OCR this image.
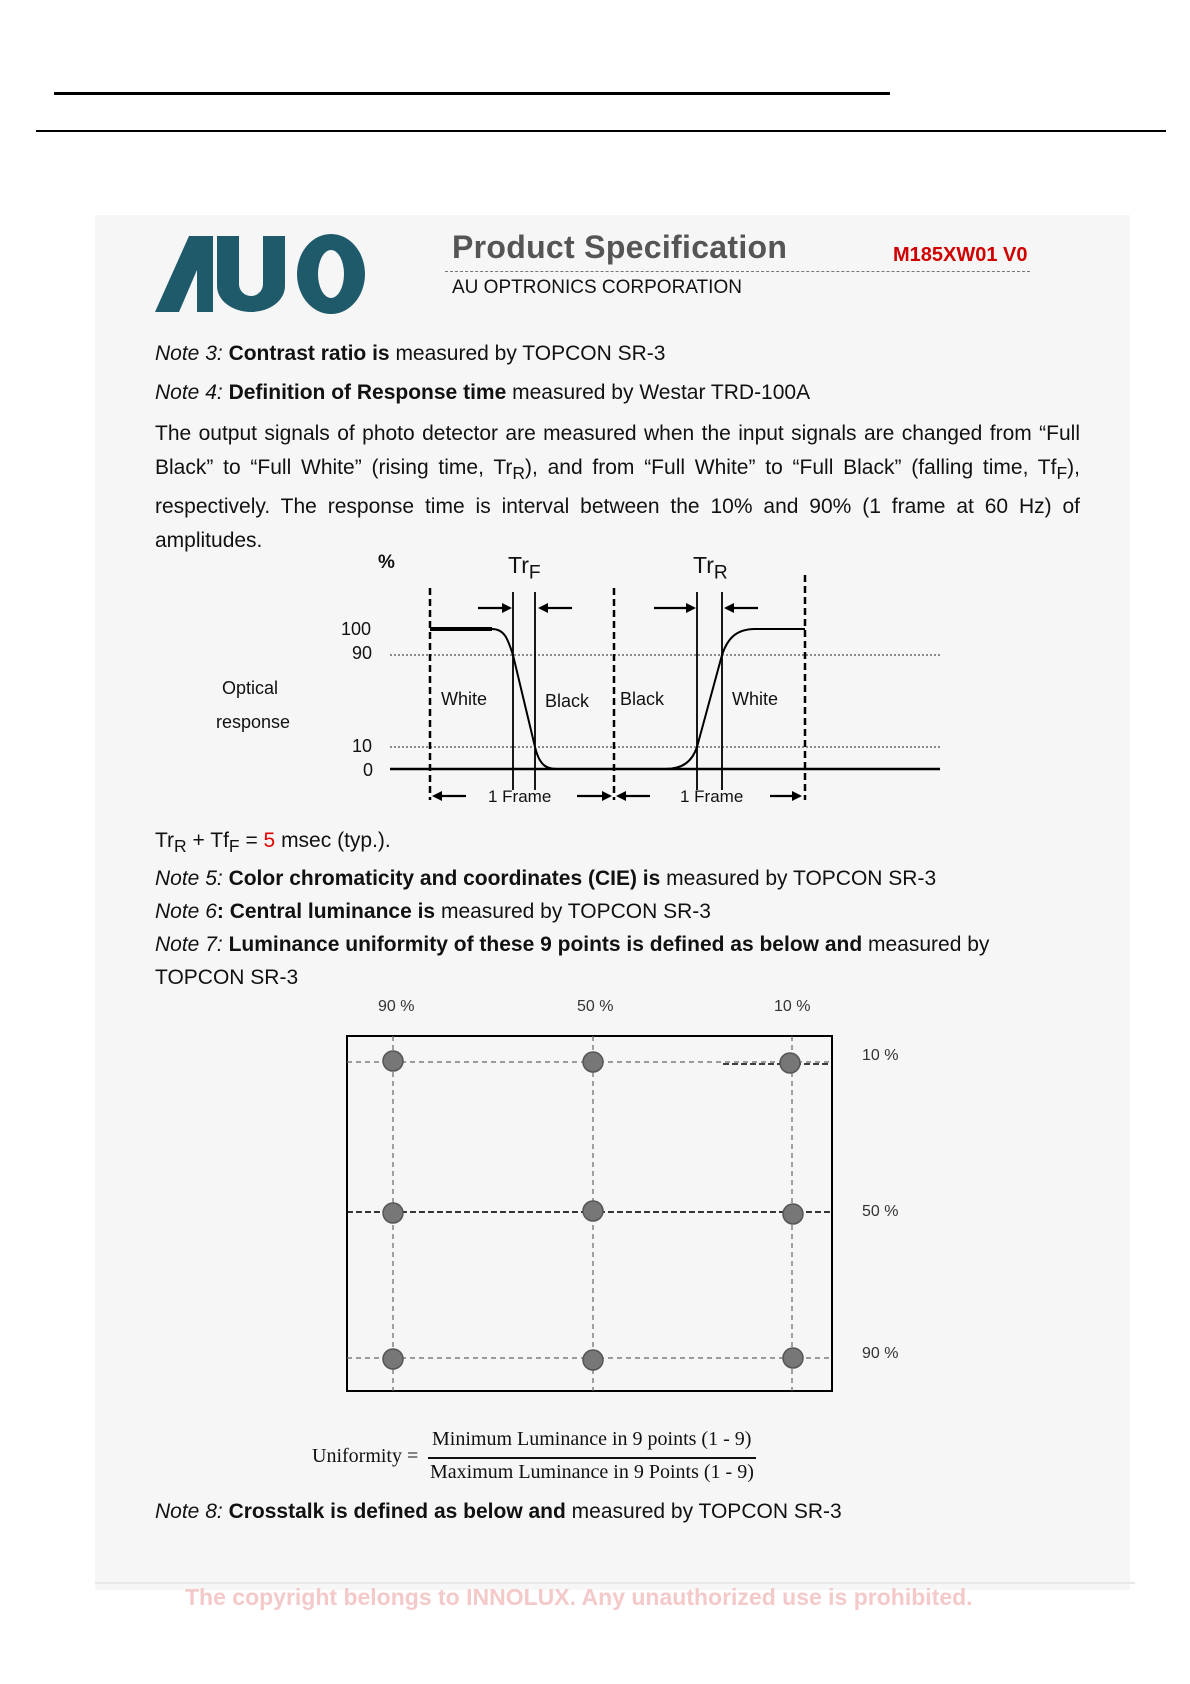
Product Specification	M185XW01 V0
AU OPTRONICS CORPORATION
Note 3: Contrast ratio is measured by TOPCON SR-3
Note 4: Definition of Response time measured by Westar TRD-100A
The output signals of photo detector are measured when the input signals are changed from “Full Black” to “Full White” (rising time, $Tr_R$), and from “Full White” to “Full Black” (falling time, $Tf_F$), respectively. The response time is interval between the 10% and 90% (1 frame at 60 Hz) of amplitudes.
%	$Tr_F$	$Tr_R$
100
90
10
0
Optical
response
White	Black Black	White
1 Frame	1 Frame
$Tr_R + Tf_F = 5$ msec (typ.).
Note 5: Color chromaticity and coordinates (CIE) is measured by TOPCON SR-3
Note 6: Central luminance is measured by TOPCON SR-3
Note 7: Luminance uniformity of these 9 points is defined as below and measured by
TOPCON SR-3
90 %	50 %	10 %
10 %
50 %
90 %
Uniformity =
Minimum Luminance in 9 points (1 - 9)
Maximum Luminance in 9 Points (1 - 9)
Note 8: Crosstalk is defined as below and measured by TOPCON SR-3
The copyright belongs to INNOLUX. Any unauthorized use is prohibited.
